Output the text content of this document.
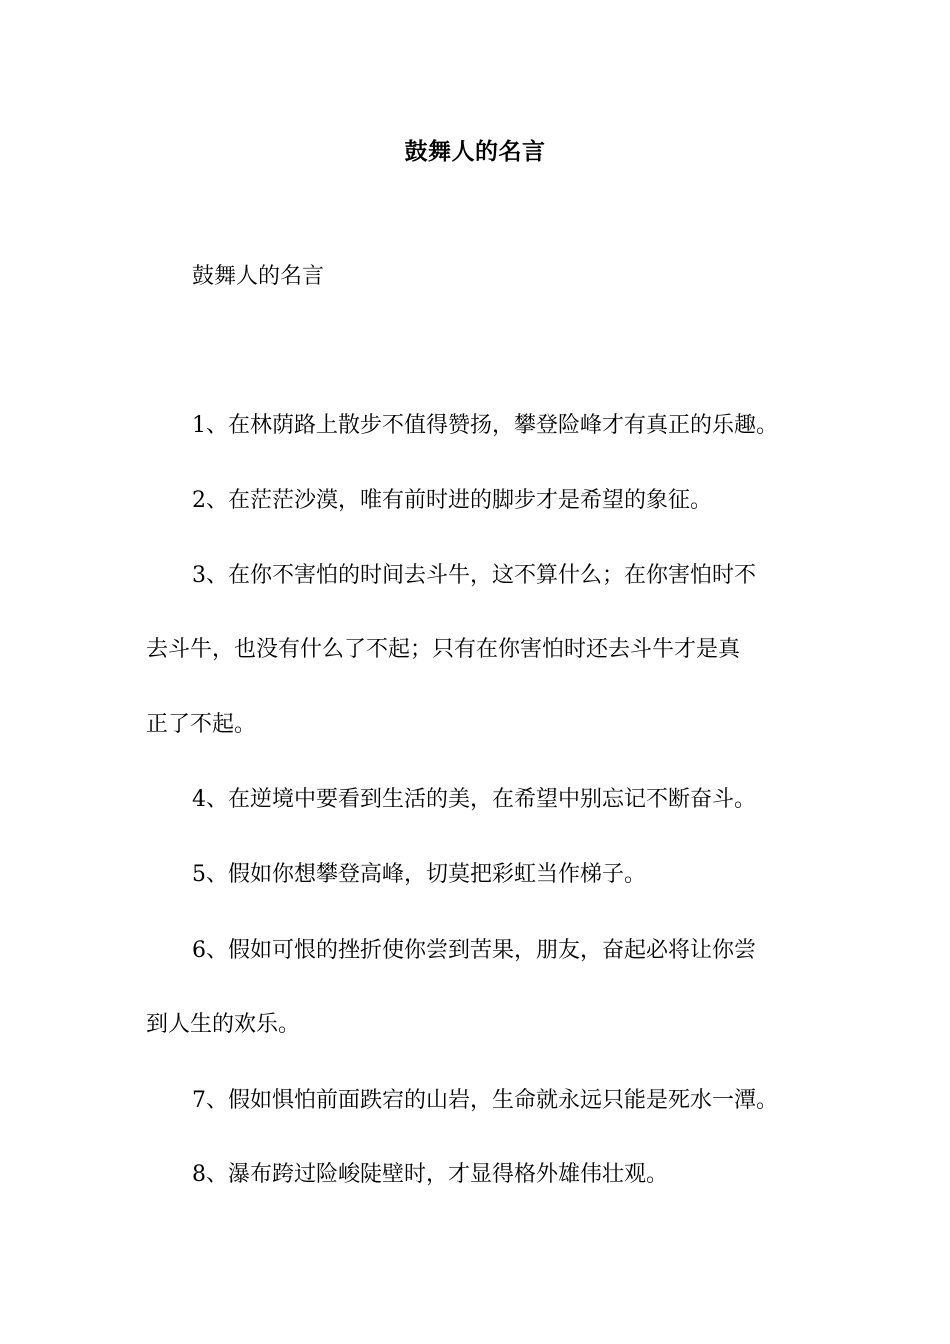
鼓舞人的名言
鼓舞人的名言
1、在林荫路上散步不值得赞扬，攀登险峰才有真正的乐趣。
2、在茫茫沙漠，唯有前时进的脚步才是希望的象征。
3、在你不害怕的时间去斗牛，这不算什么；在你害怕时不
去斗牛，也没有什么了不起；只有在你害怕时还去斗牛才是真
正了不起。
4、在逆境中要看到生活的美，在希望中别忘记不断奋斗。
5、假如你想攀登高峰，切莫把彩虹当作梯子。
6、假如可恨的挫折使你尝到苦果，朋友，奋起必将让你尝
到人生的欢乐。
7、假如惧怕前面跌宕的山岩，生命就永远只能是死水一潭。
8、瀑布跨过险峻陡壁时，才显得格外雄伟壮观。
